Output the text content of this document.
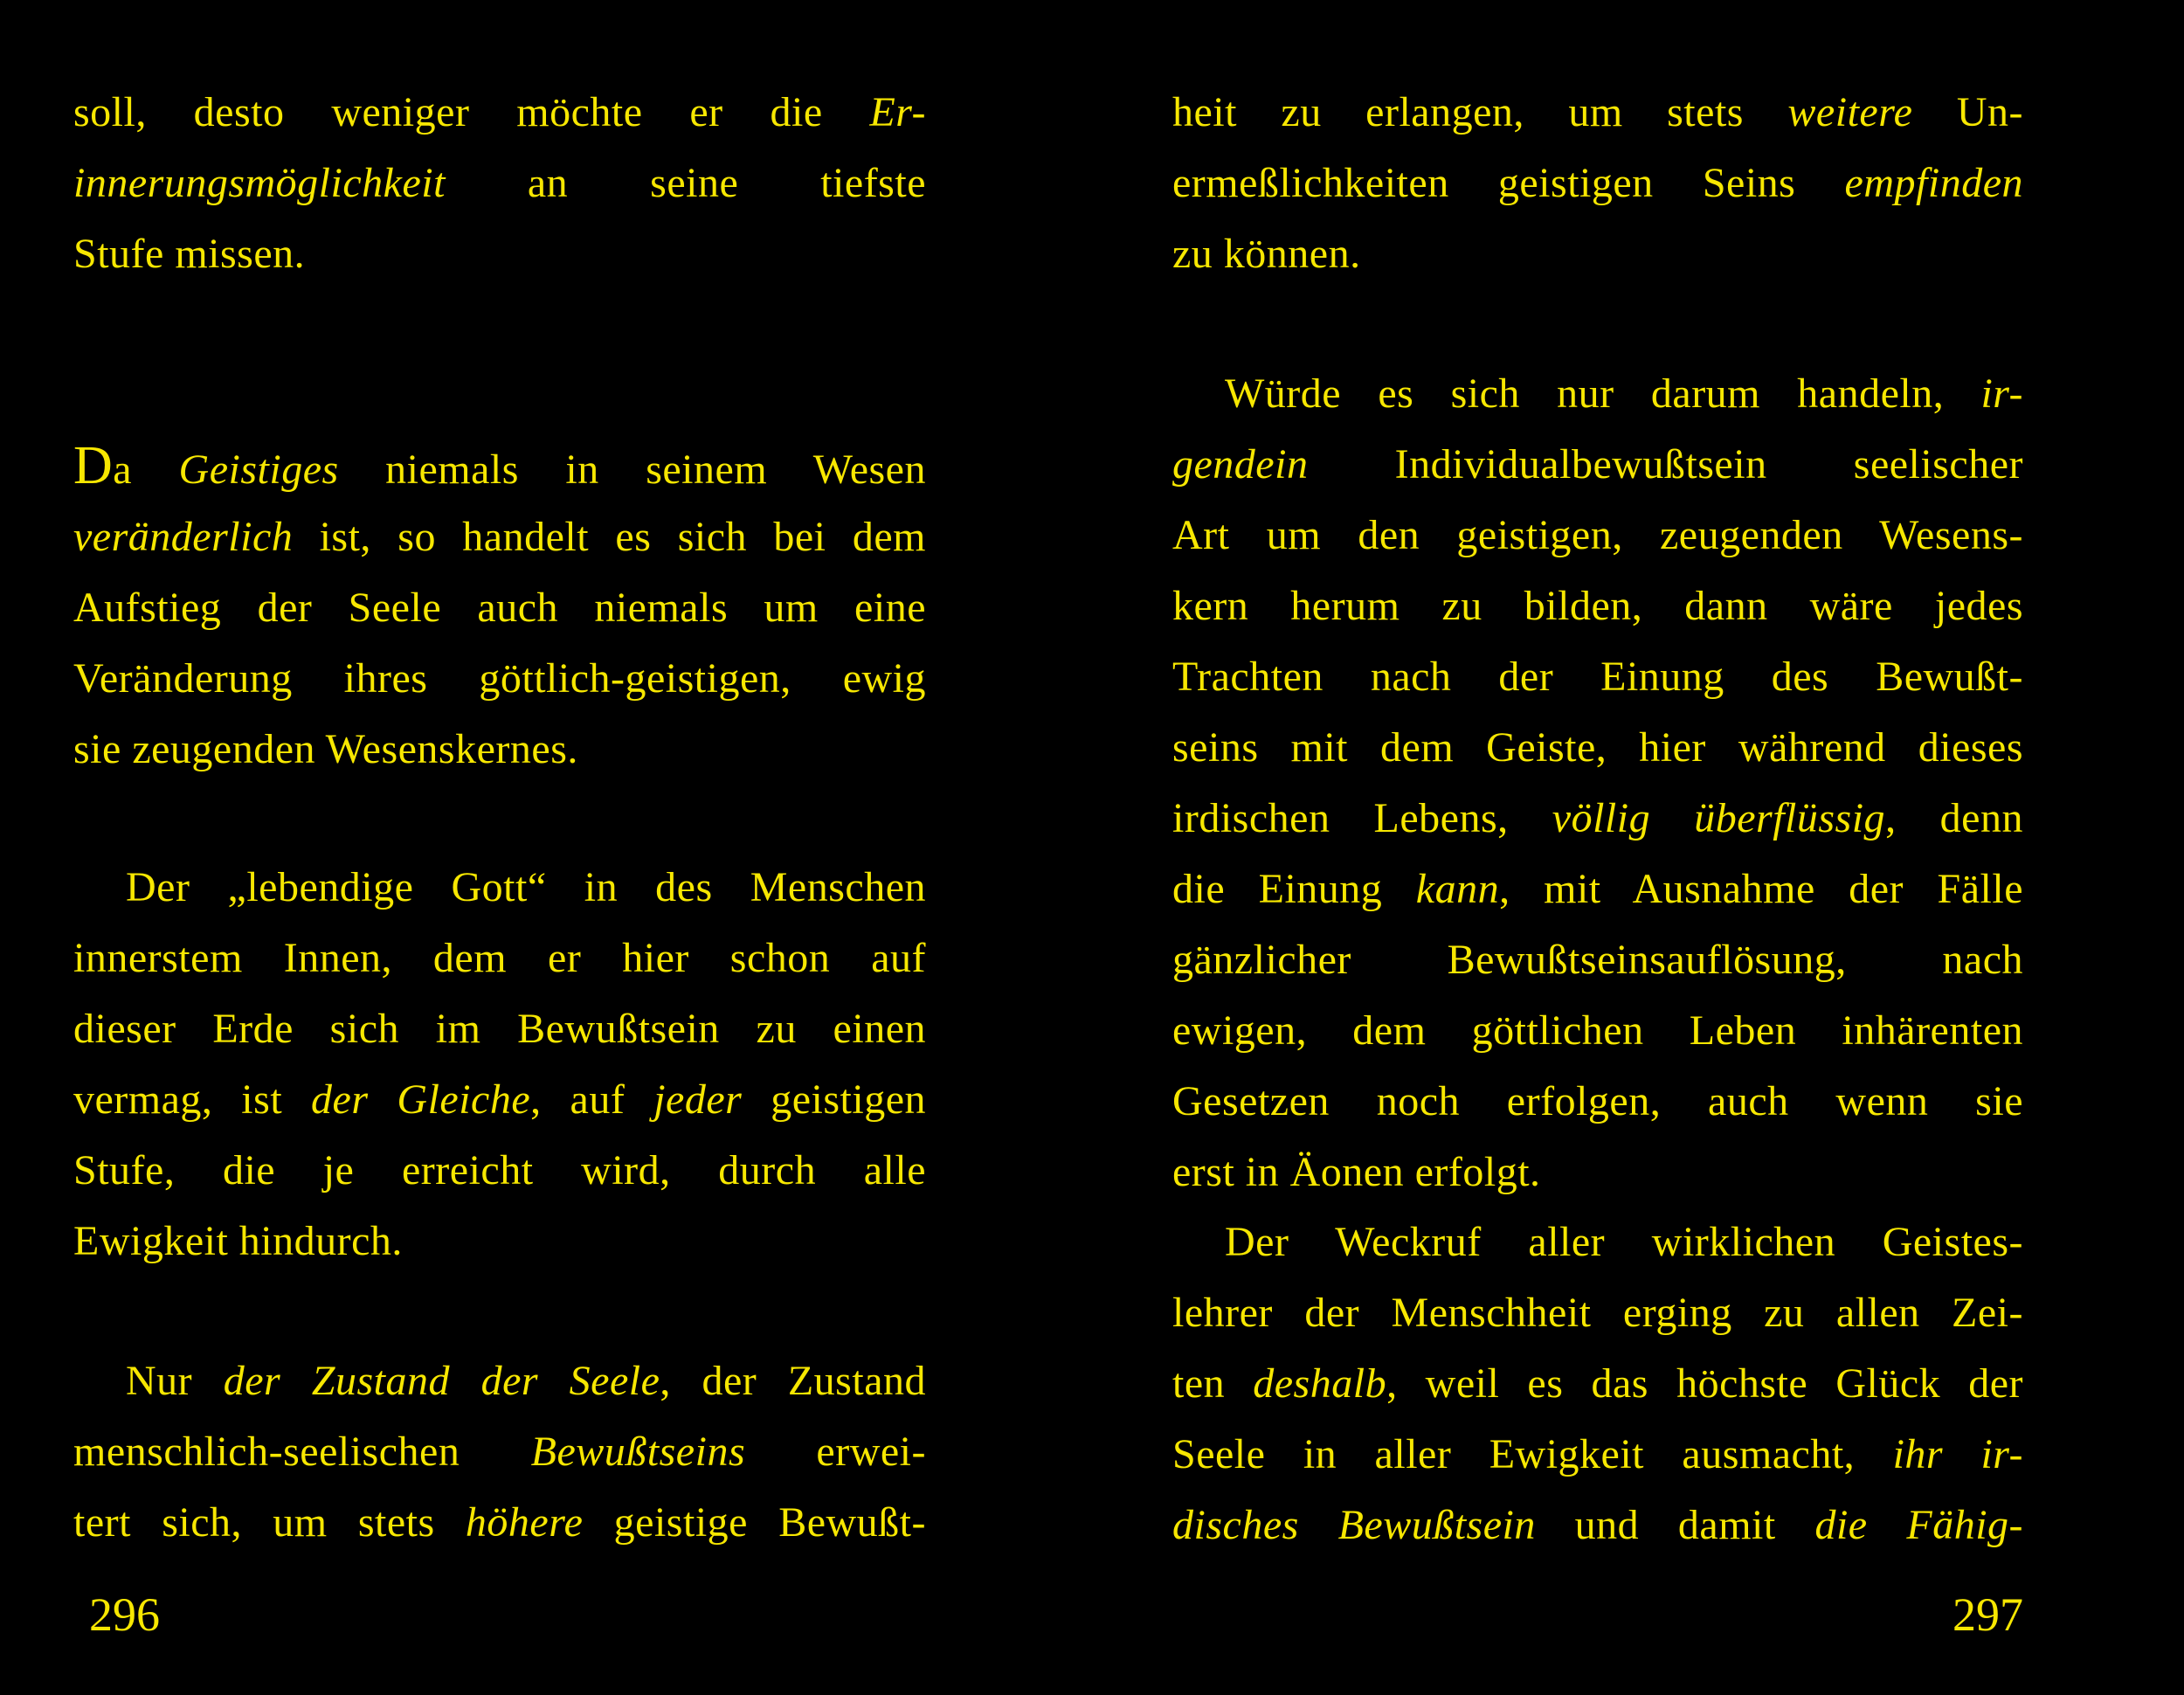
soll, desto weniger möchte er die Er-
innerungsmöglichkeit an seine tiefste
Stufe missen.
Da Geistiges niemals in seinem Wesen
veränderlich ist, so handelt es sich bei dem
Aufstieg der Seele auch niemals um eine
Veränderung ihres göttlich-geistigen, ewig
sie zeugenden Wesenskernes.
Der „lebendige Gott“ in des Menschen
innerstem Innen, dem er hier schon auf
dieser Erde sich im Bewußtsein zu einen
vermag, ist der Gleiche, auf jeder geistigen
Stufe, die je erreicht wird, durch alle
Ewigkeit hindurch.
Nur der Zustand der Seele, der Zustand
menschlich-seelischen Bewußtseins erwei-
tert sich, um stets höhere geistige Bewußt-
296
heit zu erlangen, um stets weitere Un-
ermeßlichkeiten geistigen Seins empfinden
zu können.
Würde es sich nur darum handeln, ir-
gendein Individualbewußtsein seelischer
Art um den geistigen, zeugenden Wesens-
kern herum zu bilden, dann wäre jedes
Trachten nach der Einung des Bewußt-
seins mit dem Geiste, hier während dieses
irdischen Lebens, völlig überflüssig, denn
die Einung kann, mit Ausnahme der Fälle
gänzlicher Bewußtseinsauflösung, nach
ewigen, dem göttlichen Leben inhärenten
Gesetzen noch erfolgen, auch wenn sie
erst in Äonen erfolgt.
Der Weckruf aller wirklichen Geistes-
lehrer der Menschheit erging zu allen Zei-
ten deshalb, weil es das höchste Glück der
Seele in aller Ewigkeit ausmacht, ihr ir-
disches Bewußtsein und damit die Fähig-
297
